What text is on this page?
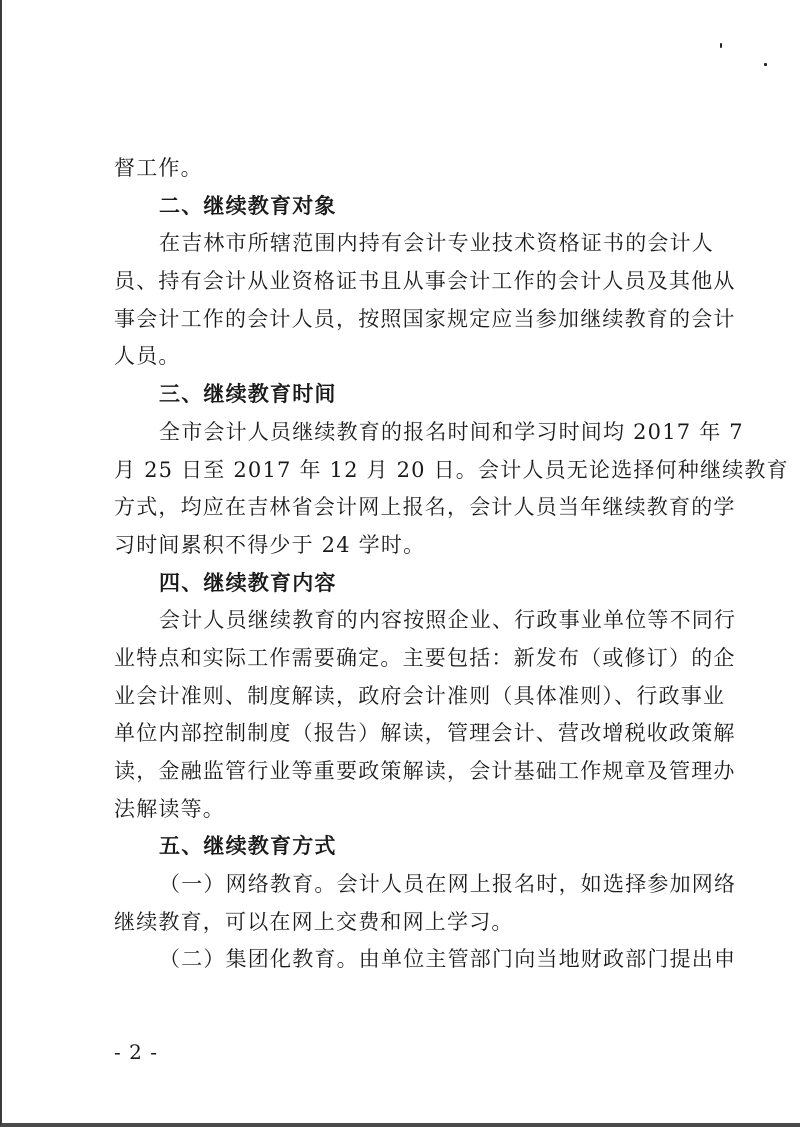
督工作。
二、继续教育对象
在吉林市所辖范围内持有会计专业技术资格证书的会计人
员、持有会计从业资格证书且从事会计工作的会计人员及其他从
事会计工作的会计人员，按照国家规定应当参加继续教育的会计
人员。
三、继续教育时间
全市会计人员继续教育的报名时间和学习时间均 2017 年 7
月 25 日至 2017 年 12 月 20 日。会计人员无论选择何种继续教育
方式，均应在吉林省会计网上报名，会计人员当年继续教育的学
习时间累积不得少于 24 学时。
四、继续教育内容
会计人员继续教育的内容按照企业、行政事业单位等不同行
业特点和实际工作需要确定。主要包括：新发布（或修订）的企
业会计准则、制度解读，政府会计准则（具体准则）、行政事业
单位内部控制制度（报告）解读，管理会计、营改增税收政策解
读，金融监管行业等重要政策解读，会计基础工作规章及管理办
法解读等。
五、继续教育方式
（一）网络教育。会计人员在网上报名时，如选择参加网络
继续教育，可以在网上交费和网上学习。
（二）集团化教育。由单位主管部门向当地财政部门提出申
- 2 -
